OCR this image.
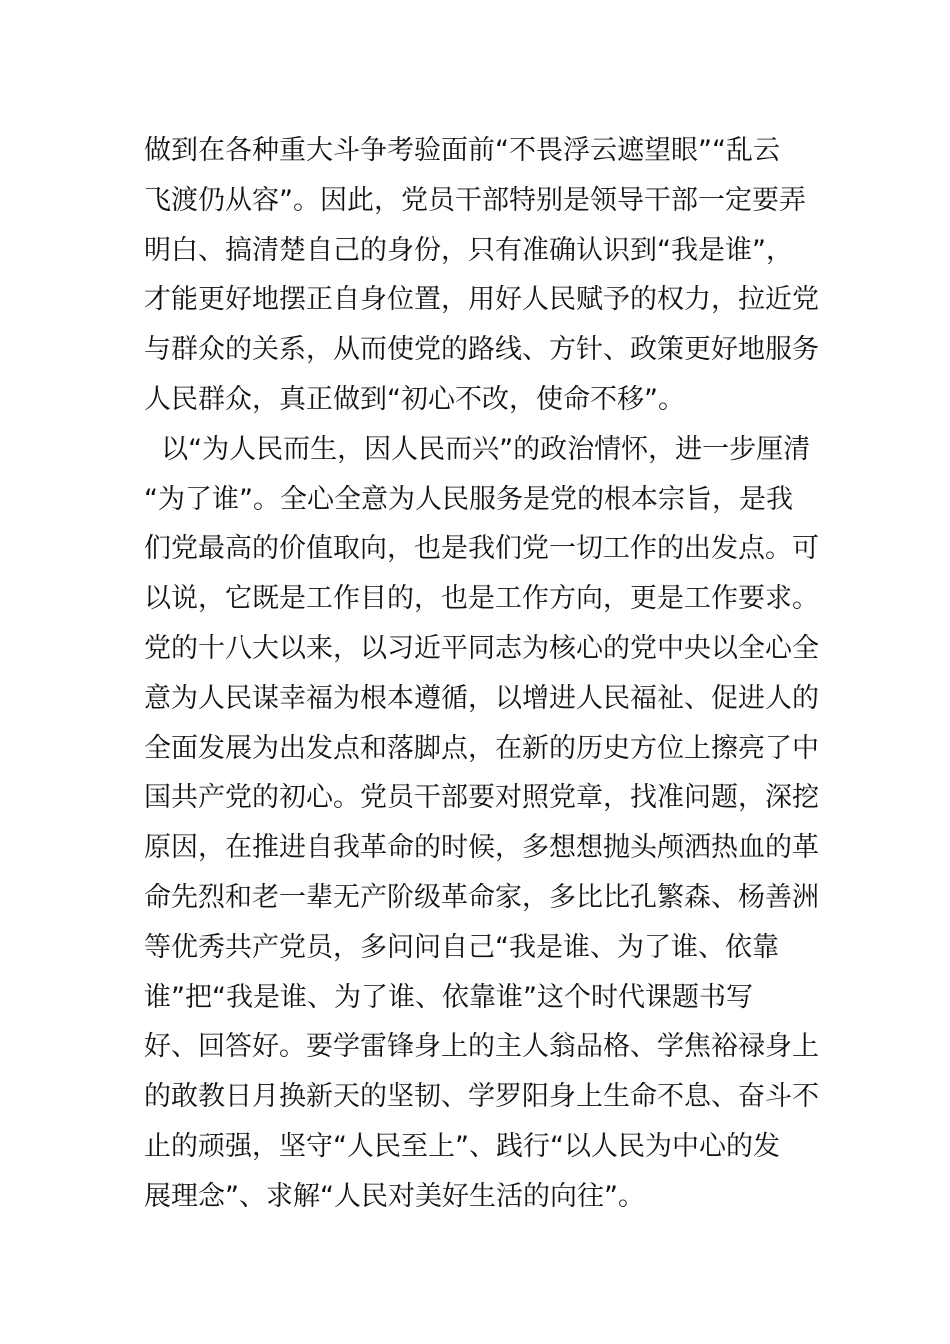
做到在各种重大斗争考验面前“不畏浮云遮望眼”“乱云
飞渡仍从容”。因此，党员干部特别是领导干部一定要弄
明白、搞清楚自己的身份，只有准确认识到“我是谁”，
才能更好地摆正自身位置，用好人民赋予的权力，拉近党
与群众的关系，从而使党的路线、方针、政策更好地服务
人民群众，真正做到“初心不改，使命不移”。
以“为人民而生，因人民而兴”的政治情怀，进一步厘清
“为了谁”。全心全意为人民服务是党的根本宗旨，是我
们党最高的价值取向，也是我们党一切工作的出发点。可
以说，它既是工作目的，也是工作方向，更是工作要求。
党的十八大以来，以习近平同志为核心的党中央以全心全
意为人民谋幸福为根本遵循，以增进人民福祉、促进人的
全面发展为出发点和落脚点，在新的历史方位上擦亮了中
国共产党的初心。党员干部要对照党章，找准问题，深挖
原因，在推进自我革命的时候，多想想抛头颅洒热血的革
命先烈和老一辈无产阶级革命家，多比比孔繁森、杨善洲
等优秀共产党员，多问问自己“我是谁、为了谁、依靠
谁”把“我是谁、为了谁、依靠谁”这个时代课题书写
好、回答好。要学雷锋身上的主人翁品格、学焦裕禄身上
的敢教日月换新天的坚韧、学罗阳身上生命不息、奋斗不
止的顽强，坚守“人民至上”、践行“以人民为中心的发
展理念”、求解“人民对美好生活的向往”。
